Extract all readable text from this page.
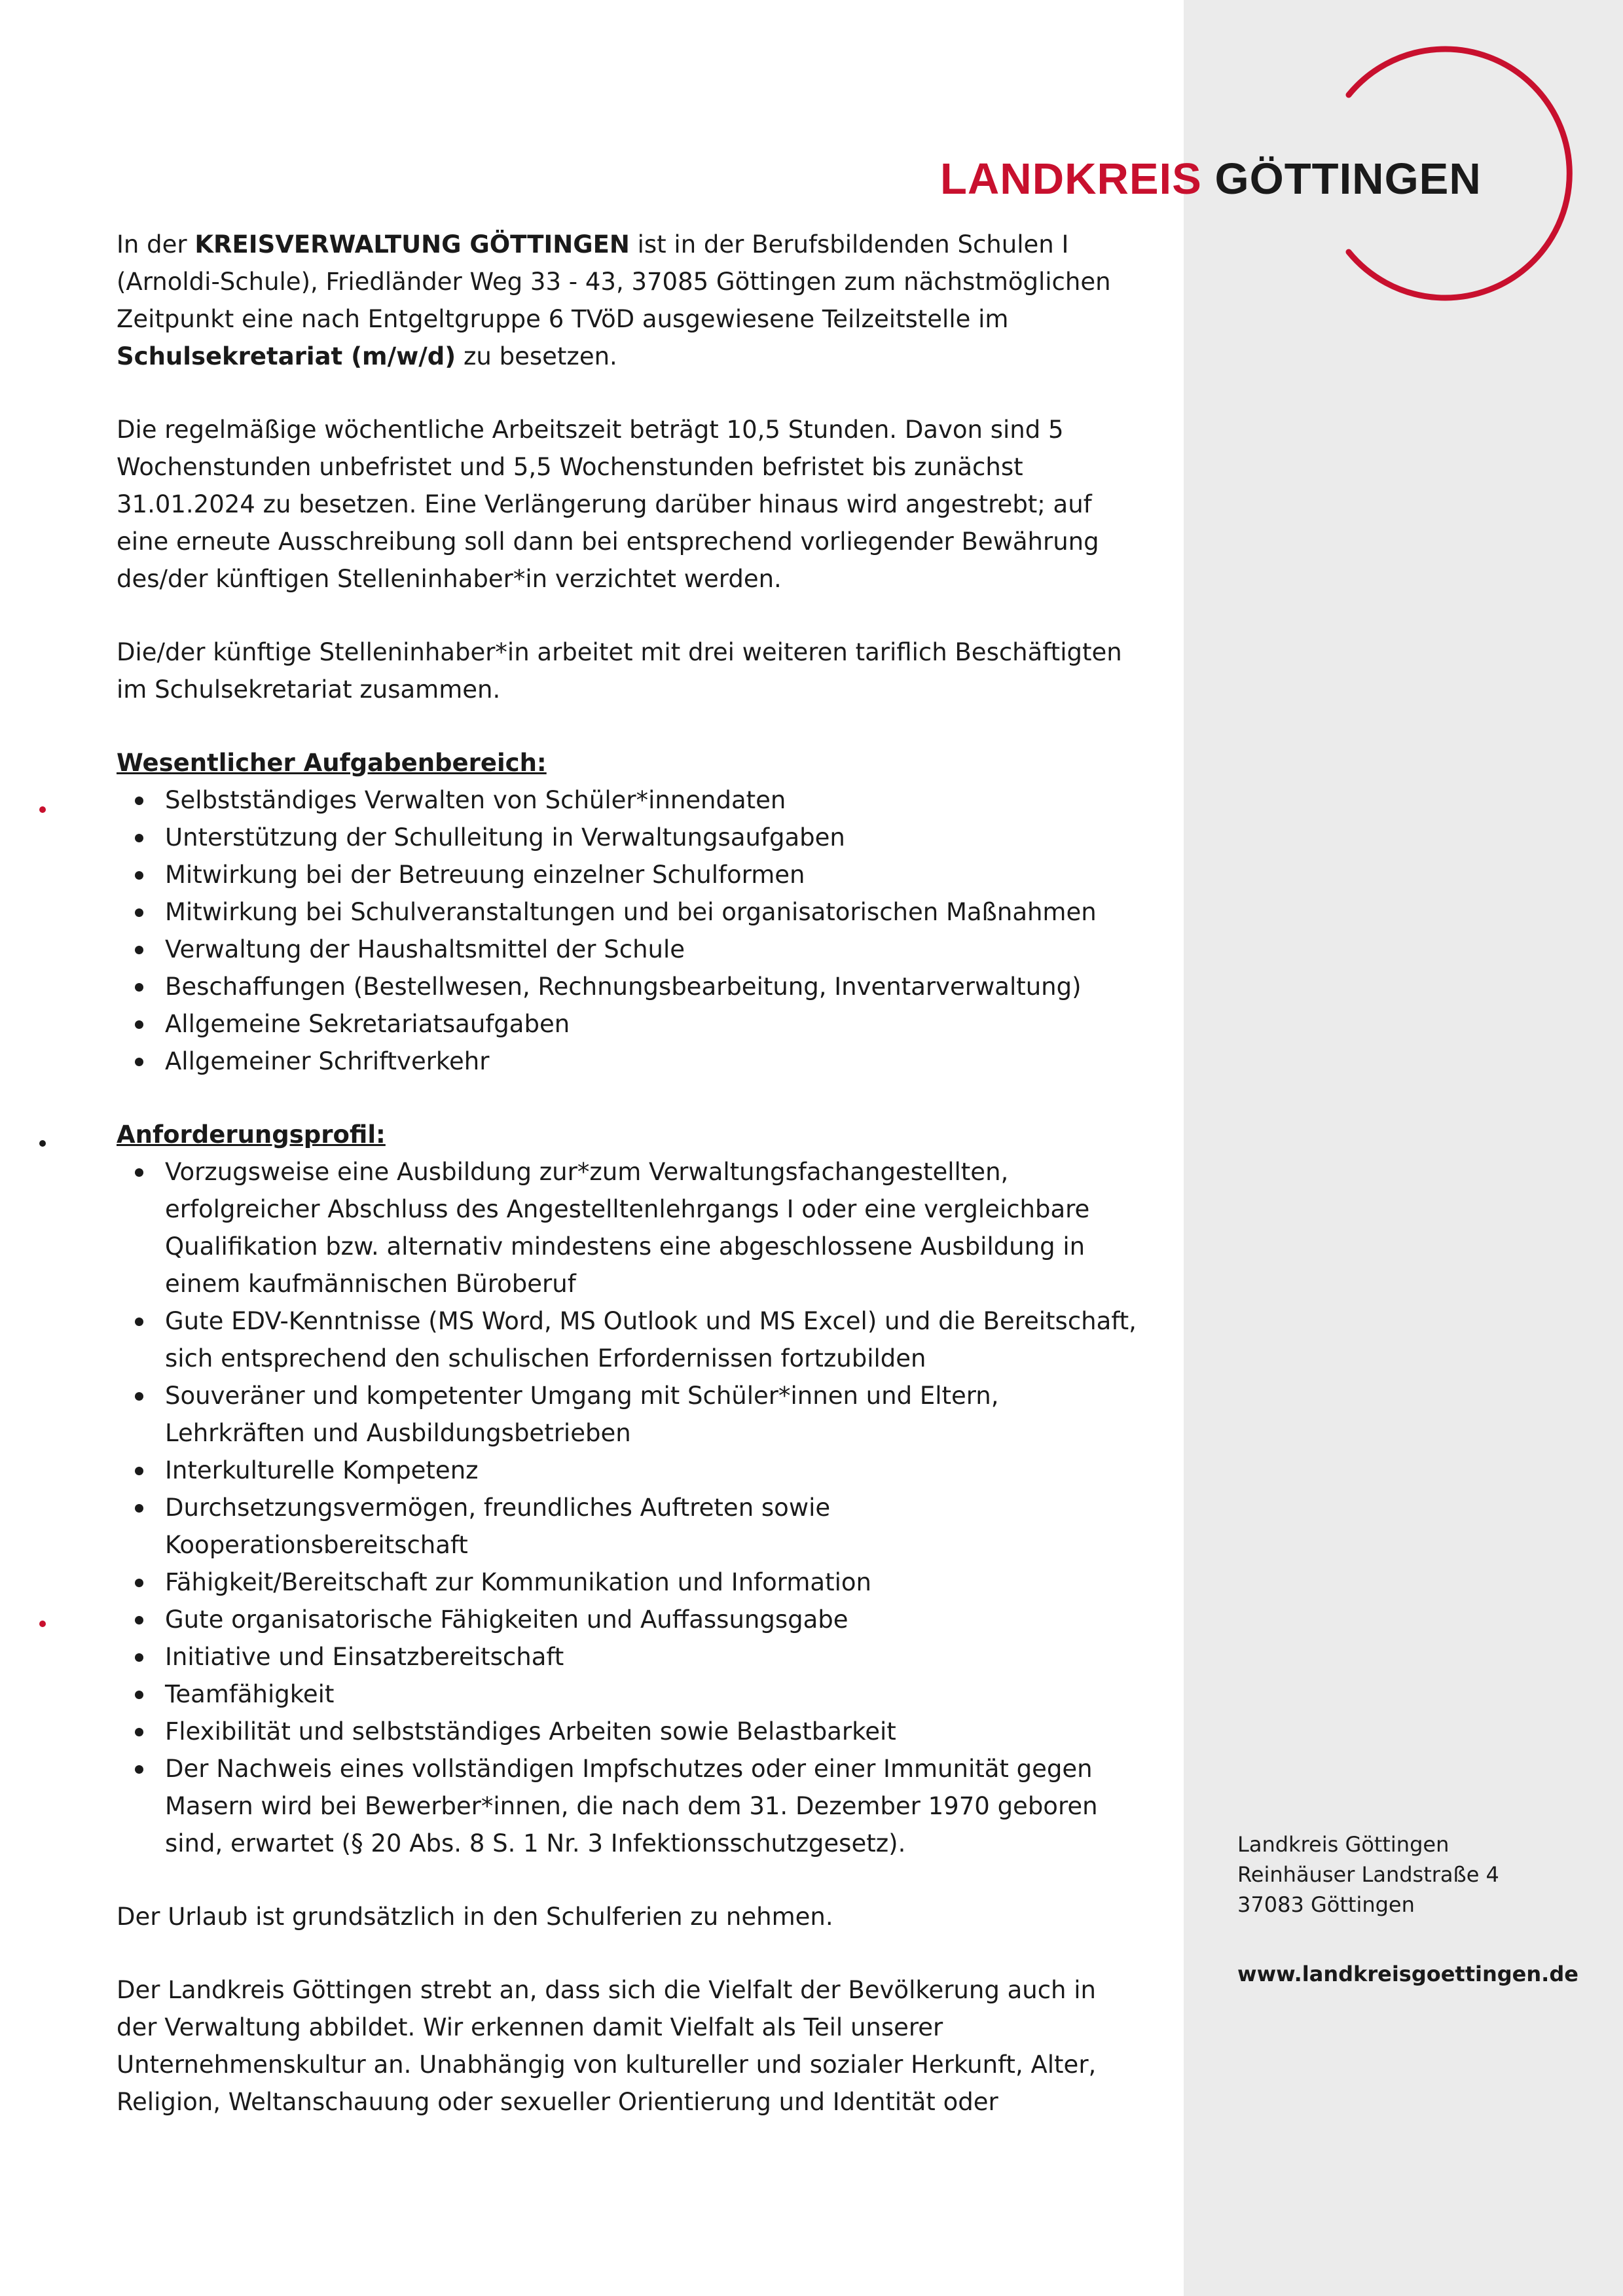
LANDKREIS GÖTTINGEN

In der KREISVERWALTUNG GÖTTINGEN ist in der Berufsbildenden Schulen I (Arnoldi-Schule), Friedländer Weg 33 - 43, 37085 Göttingen zum nächstmöglichen Zeitpunkt eine nach Entgeltgruppe 6 TVöD ausgewiesene Teilzeitstelle im Schulsekretariat (m/w/d) zu besetzen.

Die regelmäßige wöchentliche Arbeitszeit beträgt 10,5 Stunden. Davon sind 5 Wochenstunden unbefristet und 5,5 Wochenstunden befristet bis zunächst 31.01.2024 zu besetzen. Eine Verlängerung darüber hinaus wird angestrebt; auf eine erneute Ausschreibung soll dann bei entsprechend vorliegender Bewährung des/der künftigen Stelleninhaber*in verzichtet werden.

Die/der künftige Stelleninhaber*in arbeitet mit drei weiteren tariflich Beschäftigten im Schulsekretariat zusammen.

Wesentlicher Aufgabenbereich:
Selbstständiges Verwalten von Schüler*innendaten
Unterstützung der Schulleitung in Verwaltungsaufgaben
Mitwirkung bei der Betreuung einzelner Schulformen
Mitwirkung bei Schulveranstaltungen und bei organisatorischen Maßnahmen
Verwaltung der Haushaltsmittel der Schule
Beschaffungen (Bestellwesen, Rechnungsbearbeitung, Inventarverwaltung)
Allgemeine Sekretariatsaufgaben
Allgemeiner Schriftverkehr
Anforderungsprofil:
Vorzugsweise eine Ausbildung zur*zum Verwaltungsfachangestellten, erfolgreicher Abschluss des Angestelltenlehrgangs I oder eine vergleichbare Qualifikation bzw. alternativ mindestens eine abgeschlossene Ausbildung in einem kaufmännischen Büroberuf
Gute EDV-Kenntnisse (MS Word, MS Outlook und MS Excel) und die Bereitschaft, sich entsprechend den schulischen Erfordernissen fortzubilden
Souveräner und kompetenter Umgang mit Schüler*innen und Eltern, Lehrkräften und Ausbildungsbetrieben
Interkulturelle Kompetenz
Durchsetzungsvermögen, freundliches Auftreten sowie Kooperationsbereitschaft
Fähigkeit/Bereitschaft zur Kommunikation und Information
Gute organisatorische Fähigkeiten und Auffassungsgabe
Initiative und Einsatzbereitschaft
Teamfähigkeit
Flexibilität und selbstständiges Arbeiten sowie Belastbarkeit
Der Nachweis eines vollständigen Impfschutzes oder einer Immunität gegen Masern wird bei Bewerber*innen, die nach dem 31. Dezember 1970 geboren sind, erwartet (§ 20 Abs. 8 S. 1 Nr. 3 Infektionsschutzgesetz).

Der Urlaub ist grundsätzlich in den Schulferien zu nehmen.

Der Landkreis Göttingen strebt an, dass sich die Vielfalt der Bevölkerung auch in der Verwaltung abbildet. Wir erkennen damit Vielfalt als Teil unserer Unternehmenskultur an. Unabhängig von kultureller und sozialer Herkunft, Alter, Religion, Weltanschauung oder sexueller Orientierung und Identität oder

Landkreis Göttingen
Reinhäuser Landstraße 4
37083 Göttingen
www.landkreisgoettingen.de
